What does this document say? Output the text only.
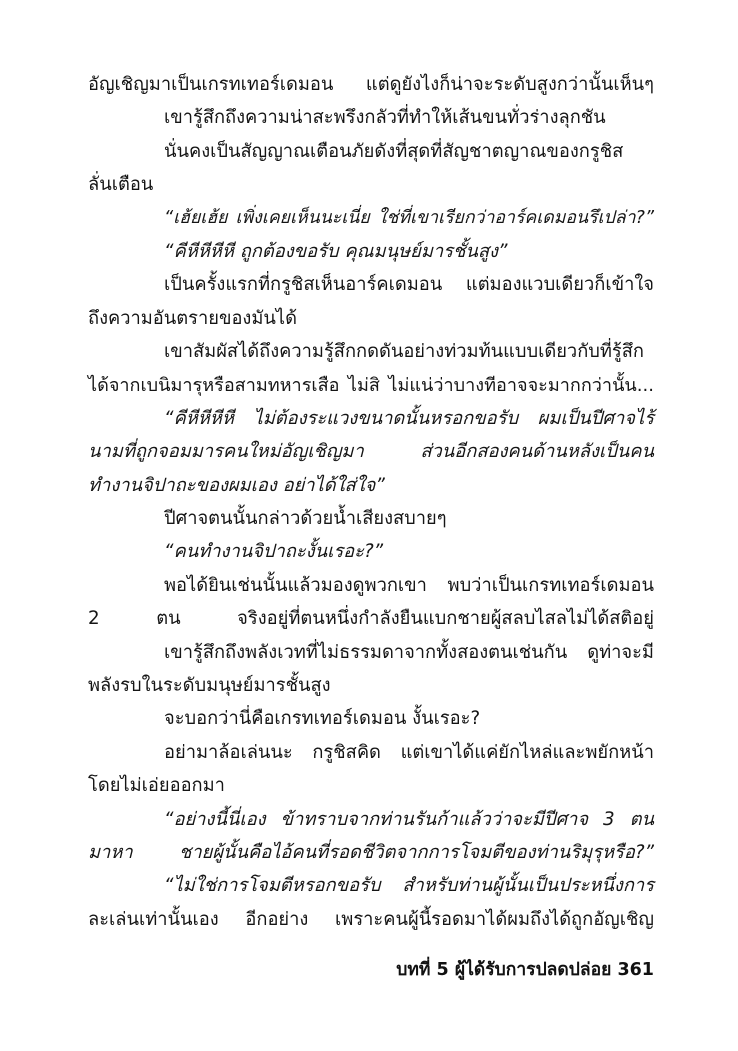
อัญเชิญมาเป็นเกรทเทอร์เดมอน แต่ดูยังไงก็น่าจะระดับสูงกว่านั้นเห็นๆ
เขารู้สึกถึงความน่าสะพรึงกลัวที่ทำให้เส้นขนทั่วร่างลุกชัน
นั่นคงเป็นสัญญาณเตือนภัยดังที่สุดที่สัญชาตญาณของกรูชิส
ลั่นเตือน
“เฮ้ยเฮ้ย เพิ่งเคยเห็นนะเนี่ย ใช่ที่เขาเรียกว่าอาร์คเดมอนรึเปล่า?”
“คีหีหีหีหี ถูกต้องขอรับ คุณมนุษย์มารชั้นสูง”
เป็นครั้งแรกที่กรูชิสเห็นอาร์คเดมอน แต่มองแวบเดียวก็เข้าใจ
ถึงความอันตรายของมันได้
เขาสัมผัสได้ถึงความรู้สึกกดดันอย่างท่วมท้นแบบเดียวกับที่รู้สึก
ได้จากเบนิมารุหรือสามทหารเสือ ไม่สิ ไม่แน่ว่าบางทีอาจจะมากกว่านั้น...
“คีหีหีหีหี ไม่ต้องระแวงขนาดนั้นหรอกขอรับ ผมเป็นปีศาจไร้
นามที่ถูกจอมมารคนใหม่อัญเชิญมา ส่วนอีกสองคนด้านหลังเป็นคน
ทำงานจิปาถะของผมเอง อย่าได้ใส่ใจ”
ปีศาจตนนั้นกล่าวด้วยน้ำเสียงสบายๆ
“คนทำงานจิปาถะงั้นเรอะ?”
พอได้ยินเช่นนั้นแล้วมองดูพวกเขา พบว่าเป็นเกรทเทอร์เดมอน
2 ตน จริงอยู่ที่ตนหนึ่งกำลังยืนแบกชายผู้สลบไสลไม่ได้สติอยู่
เขารู้สึกถึงพลังเวทที่ไม่ธรรมดาจากทั้งสองตนเช่นกัน ดูท่าจะมี
พลังรบในระดับมนุษย์มารชั้นสูง
จะบอกว่านี่คือเกรทเทอร์เดมอน งั้นเรอะ?
อย่ามาล้อเล่นนะ กรูชิสคิด แต่เขาได้แค่ยักไหล่และพยักหน้า
โดยไม่เอ่ยออกมา
“อย่างนี้นี่เอง ข้าทราบจากท่านรันก้าแล้วว่าจะมีปีศาจ 3 ตน
มาหา ชายผู้นั้นคือไอ้คนที่รอดชีวิตจากการโจมตีของท่านริมุรุหรือ?”
“ไม่ใช่การโจมตีหรอกขอรับ สำหรับท่านผู้นั้นเป็นประหนึ่งการ
ละเล่นเท่านั้นเอง อีกอย่าง เพราะคนผู้นี้รอดมาได้ผมถึงได้ถูกอัญเชิญ
บทที่ 5 ผู้ได้รับการปลดปล่อย 361
